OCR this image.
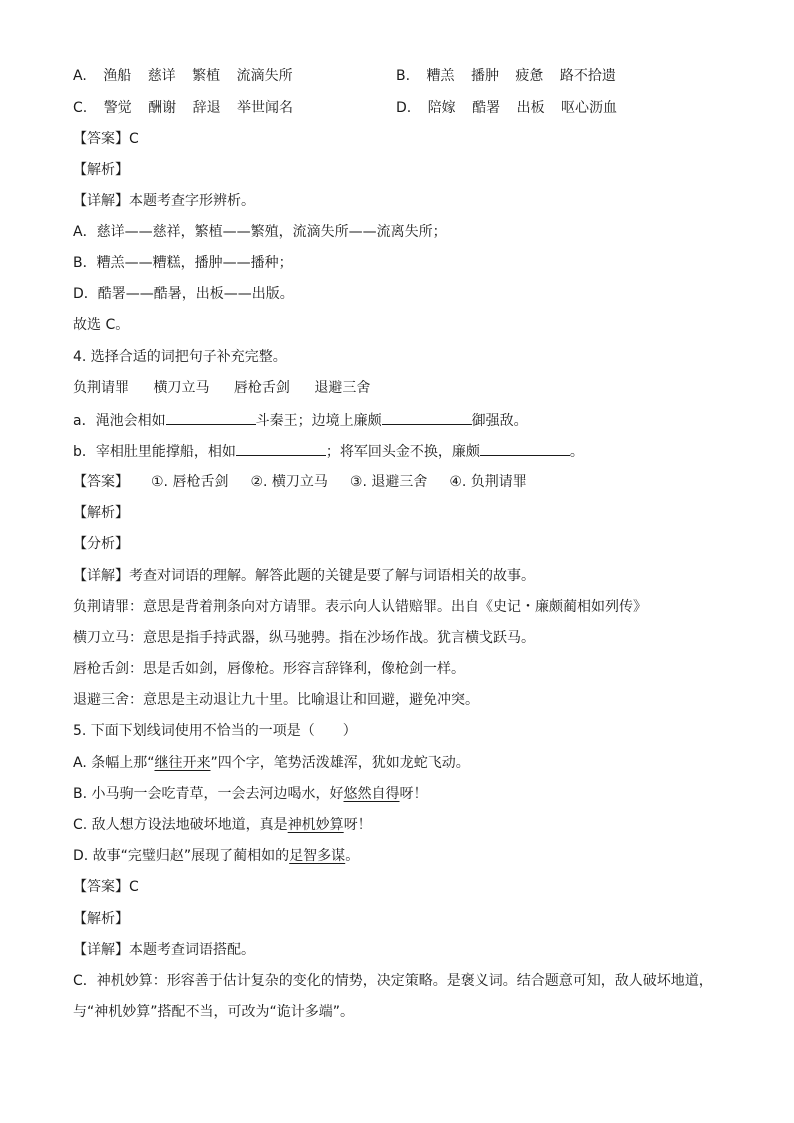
A. 渔船 慈详 繁植 流滴失所	B. 糟羔 播肿 疲惫 路不拾遗
C. 警觉 酬谢 辞退 举世闻名	D. 陪嫁 酷署 出板 呕心沥血
【答案】C
【解析】
【详解】本题考查字形辨析。
A．慈详——慈祥，繁植——繁殖，流滴失所——流离失所；
B．糟羔——糟糕，播肿——播种；
D．酷署——酷暑，出板——出版。
故选 C。
4. 选择合适的词把句子补充完整。
负荆请罪 横刀立马 唇枪舌剑 退避三舍
a．渑池会相如	斗秦王；边境上廉颇	御强敌。
b．宰相肚里能撑船，相如	；将军回头金不换，廉颇	。
【答案】 ①. 唇枪舌剑 ②. 横刀立马 ③. 退避三舍 ④. 负荆请罪
【解析】
【分析】
【详解】考查对词语的理解。解答此题的关键是要了解与词语相关的故事。
负荆请罪：意思是背着荆条向对方请罪。表示向人认错赔罪。出自《史记・廉颇蔺相如列传》
横刀立马：意思是指手持武器，纵马驰骋。指在沙场作战。犹言横戈跃马。
唇枪舌剑：思是舌如剑，唇像枪。形容言辞锋利，像枪剑一样。
退避三舍：意思是主动退让九十里。比喻退让和回避，避免冲突。
5. 下面下划线词使用不恰当的一项是（　　）
A. 条幅上那“继往开来”四个字，笔势活泼雄浑，犹如龙蛇飞动。
B. 小马驹一会吃青草，一会去河边喝水，好悠然自得呀！
C. 敌人想方设法地破坏地道，真是神机妙算呀！
D. 故事“完璧归赵”展现了蔺相如的足智多谋。
【答案】C
【解析】
【详解】本题考查词语搭配。
C．神机妙算：形容善于估计复杂的变化的情势，决定策略。是褒义词。结合题意可知，敌人破坏地道，
与“神机妙算”搭配不当，可改为“诡计多端”。
